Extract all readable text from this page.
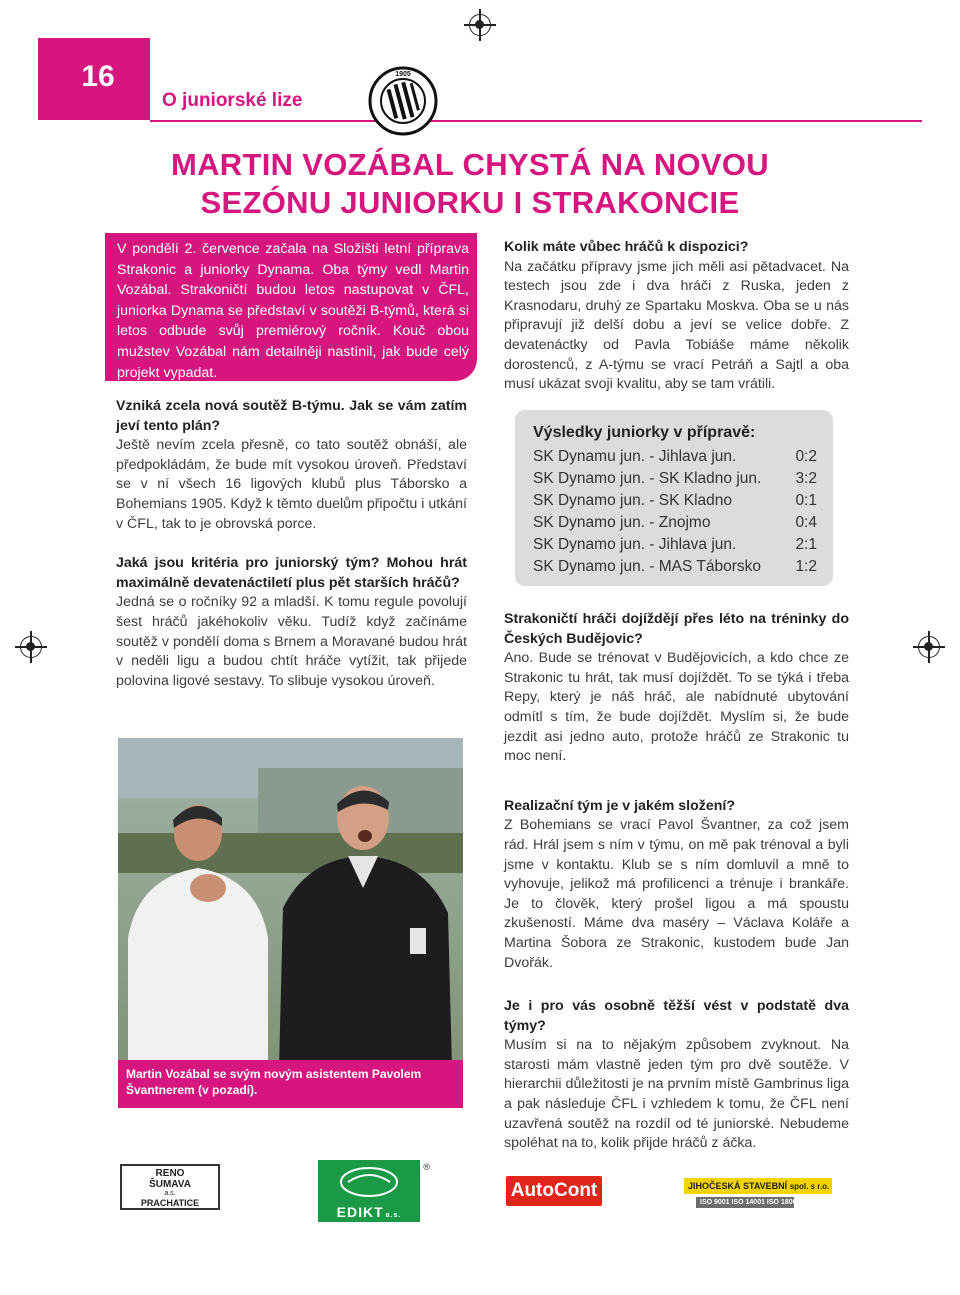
16
O juniorské lize
1905
MARTIN VOZÁBAL CHYSTÁ NA NOVOU
SEZÓNU JUNIORKU I STRAKONCIE
V pondělí 2. července začala na Složišti letní příprava Strakonic a juniorky Dynama. Oba týmy vedl Martin Vozábal. Strakoničtí budou letos nastupovat v ČFL, juniorka Dynama se představí v soutěži B-týmů, která si letos odbude svůj premiérový ročník. Kouč obou mužstev Vozábal nám detailněji nastínil, jak bude celý projekt vypadat.

Vzniká zcela nová soutěž B-týmu. Jak se vám zatím jeví tento plán?

Ještě nevím zcela přesně, co tato soutěž obnáší, ale předpokládám, že bude mít vysokou úroveň. Představí se v ní všech 16 ligových klubů plus Táborsko a Bohemians 1905. Když k těmto duelům připočtu i utkání v ČFL, tak to je obrovská porce.

Jaká jsou kritéria pro juniorský tým? Mohou hrát maximálně devatenáctiletí plus pět starších hráčů?

Jedná se o ročníky 92 a mladší. K tomu regule povolují šest hráčů jakéhokoliv věku. Tudíž když začínáme soutěž v pondělí doma s Brnem a Moravané budou hrát v neděli ligu a budou chtít hráče vytížit, tak přijede polovina ligové sestavy. To slibuje vysokou úroveň.

Martin Vozábal se svým novým asistentem Pavolem Švantnerem (v pozadí).

Kolik máte vůbec hráčů k dispozici?

Na začátku přípravy jsme jich měli asi pětadvacet. Na testech jsou zde i dva hráči z Ruska, jeden z Krasnodaru, druhý ze Spartaku Moskva. Oba se u nás připravují již delší dobu a jeví se velice dobře. Z devatenáctky od Pavla Tobiáše máme několik dorostenců, z A-týmu se vrací Petráň a Sajtl a oba musí ukázat svoji kvalitu, aby se tam vrátili.

Výsledky juniorky v přípravě:
SK Dynamu jun. - Jihlava jun.	0:2
SK Dynamo jun. - SK Kladno jun. 3:2
SK Dynamo jun. - SK Kladno	0:1
SK Dynamo jun. - Znojmo	0:4
SK Dynamo jun. - Jihlava jun.	2:1
SK Dynamo jun. - MAS Táborsko 1:2

Strakoničtí hráči dojíždějí přes léto na tréninky do Českých Budějovic?

Ano. Bude se trénovat v Budějovicích, a kdo chce ze Strakonic tu hrát, tak musí dojíždět. To se týká i třeba Repy, který je náš hráč, ale nabídnuté ubytování odmítl s tím, že bude dojíždět. Myslím si, že bude jezdit asi jedno auto, protože hráčů ze Strakonic tu moc není.

Realizační tým je v jakém složení?

Z Bohemians se vrací Pavol Švantner, za což jsem rád. Hrál jsem s ním v týmu, on mě pak trénoval a byli jsme v kontaktu. Klub se s ním domluvil a mně to vyhovuje, jelikož má profilicenci a trénuje i brankáře. Je to člověk, který prošel ligou a má spoustu zkušeností. Máme dva maséry – Václava Koláře a Martina Šobora ze Strakonic, kustodem bude Jan Dvořák.

Je i pro vás osobně těžší vést v podstatě dva týmy?

Musím si na to nějakým způsobem zvyknout. Na starosti mám vlastně jeden tým pro dvě soutěže. V hierarchii důležitosti je na prvním místě Gambrinus liga a pak následuje ČFL i vzhledem k tomu, že ČFL není uzavřená soutěž na rozdíl od té juniorské. Nebudeme spoléhat na to, kolik přijde hráčů z áčka.

RENO
ŠUMAVA
a.s.
PRACHATICE
EDIKT a.s.
®
AutoCont	JIHOČESKÁ STAVEBNÍ spol. s r.o.
ISO 9001 ISO 14001 ISO 18001
